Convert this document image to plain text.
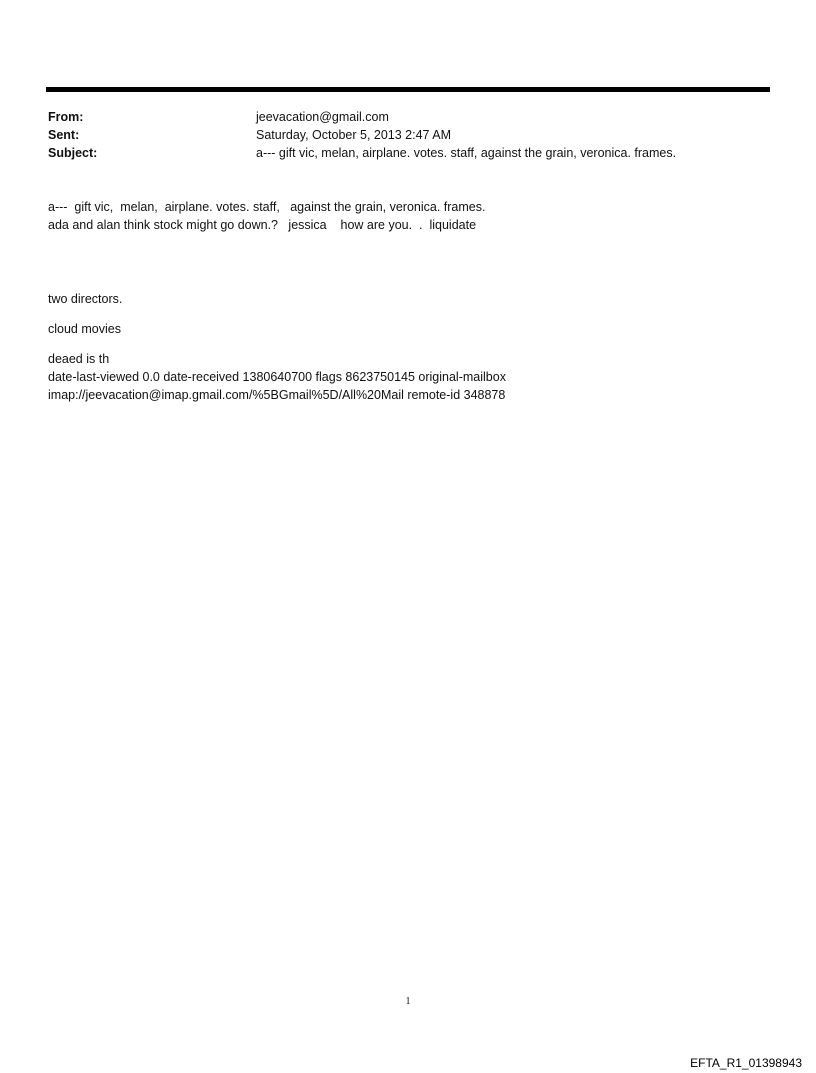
From:	jeevacation@gmail.com
Sent:	Saturday, October 5, 2013 2:47 AM
Subject:	a--- gift vic, melan, airplane. votes. staff, against the grain, veronica. frames.

a---  gift vic,  melan,  airplane. votes. staff,   against the grain, veronica. frames.

ada and alan think stock might go down.?   jessica    how are you.  .  liquidate

two directors.

cloud movies

deaed is th

date-last-viewed 0.0 date-received 1380640700 flags 8623750145 original-mailbox

imap://jeevacation@imap.gmail.com/%5BGmail%5D/All%20Mail remote-id 348878

1
EFTA_R1_01398943
